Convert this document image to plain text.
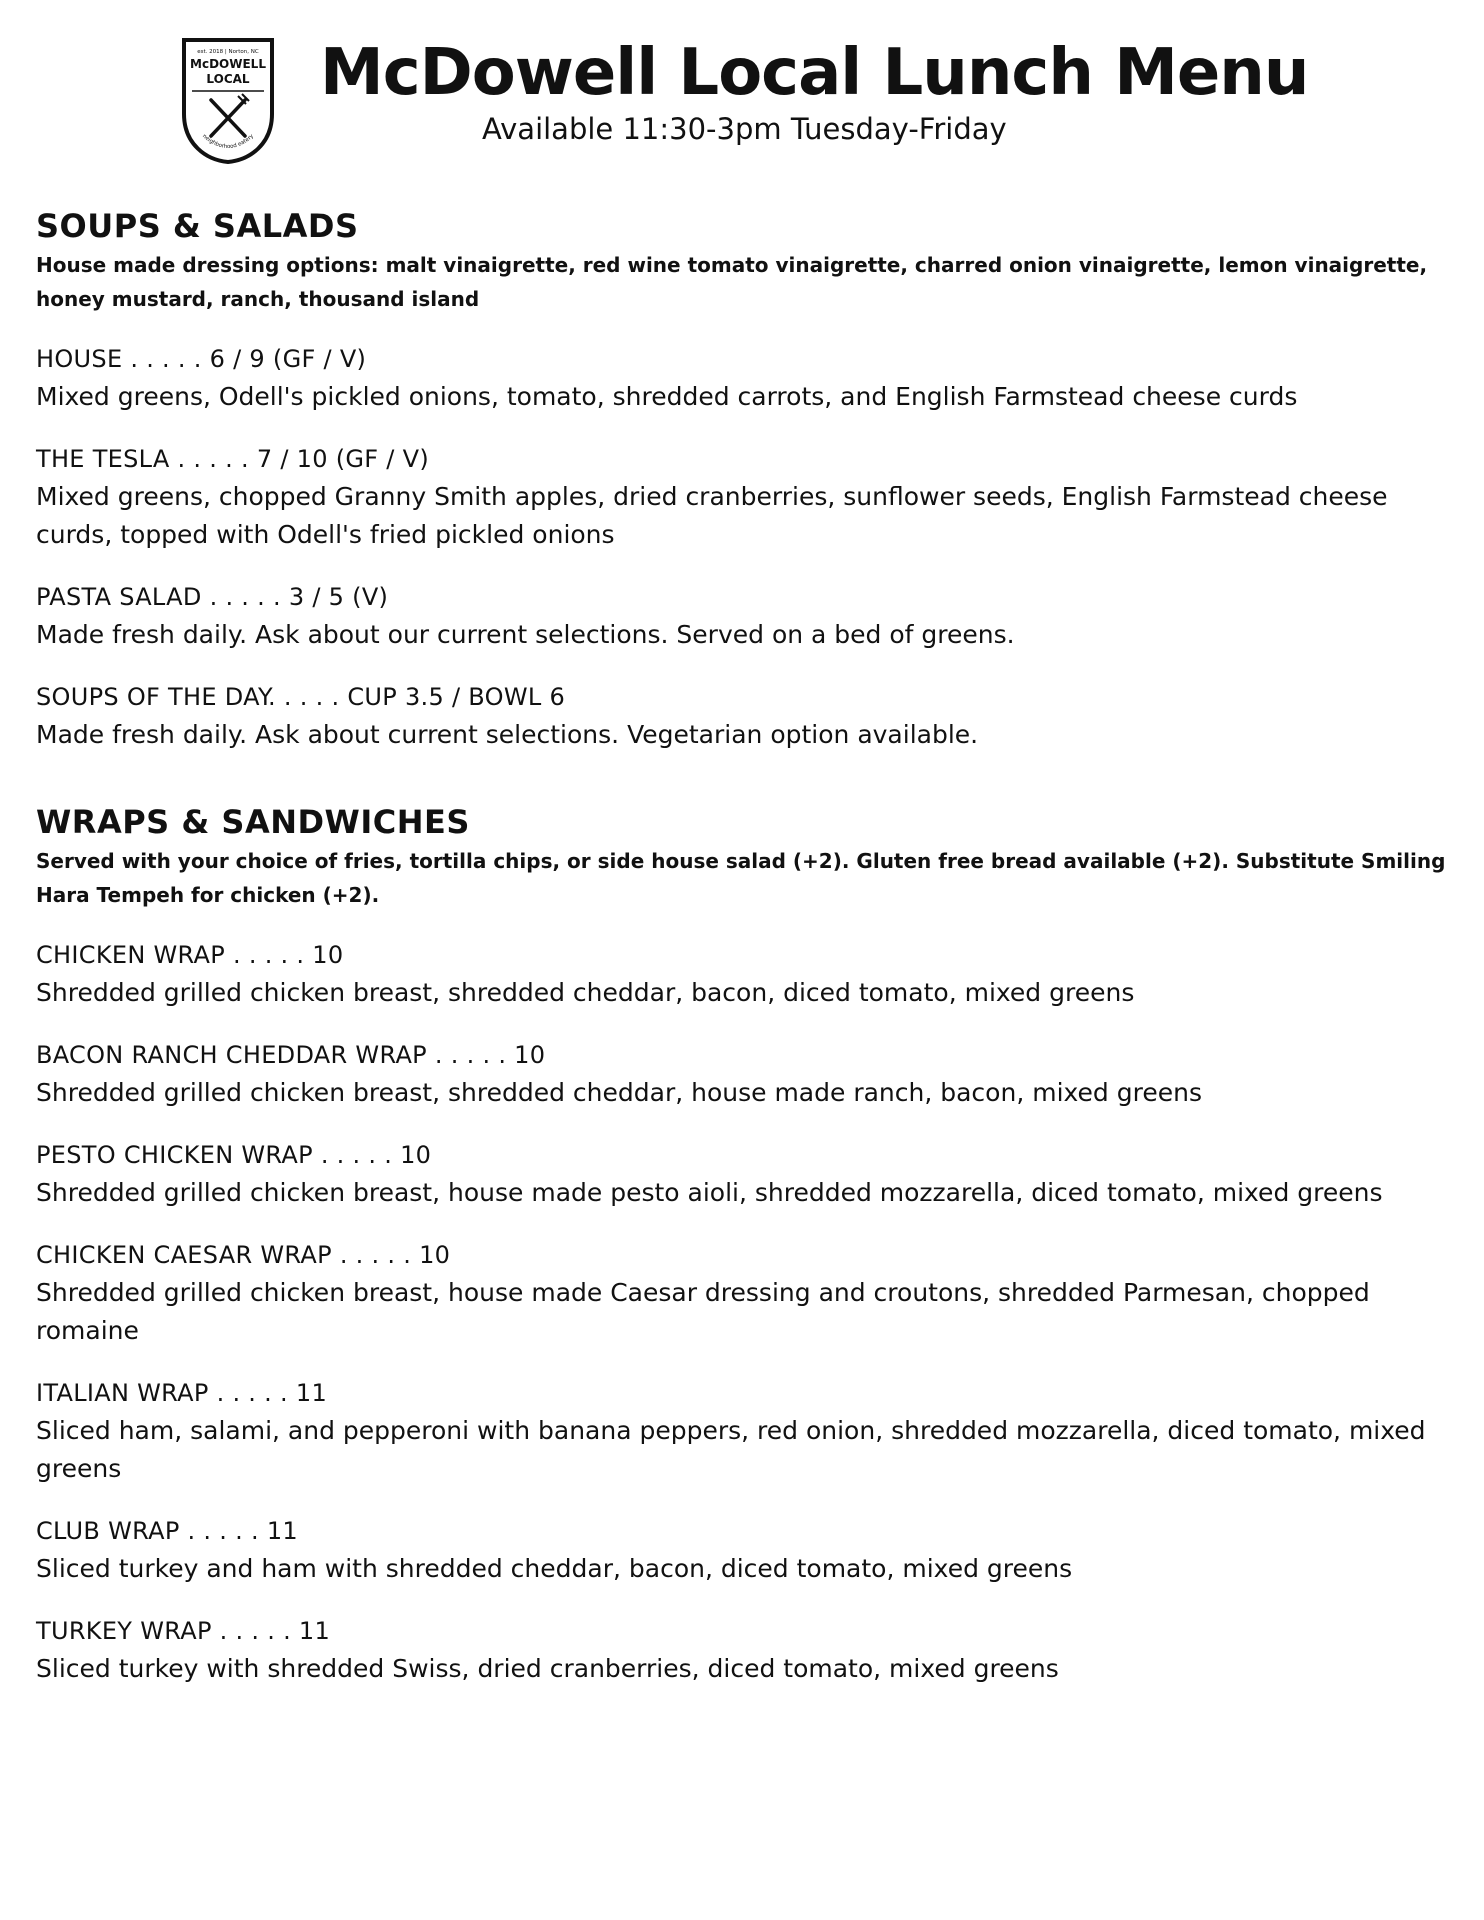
est. 2018 | Norton, NC
McDOWELL
LOCAL
neighborhood eatery
McDowell Local Lunch Menu
Available 11:30-3pm Tuesday-Friday
SOUPS & SALADS

House made dressing options: malt vinaigrette, red wine tomato vinaigrette, charred onion vinaigrette, lemon vinaigrette, honey mustard, ranch, thousand island

HOUSE . . . . . 6 / 9 (GF / V)

Mixed greens, Odell's pickled onions, tomato, shredded carrots, and English Farmstead cheese curds

THE TESLA . . . . . 7 / 10 (GF / V)

Mixed greens, chopped Granny Smith apples, dried cranberries, sunflower seeds, English Farmstead cheese curds, topped with Odell's fried pickled onions

PASTA SALAD . . . . . 3 / 5 (V)

Made fresh daily. Ask about our current selections. Served on a bed of greens.

SOUPS OF THE DAY. . . . . CUP 3.5 / BOWL 6

Made fresh daily. Ask about current selections. Vegetarian option available.

WRAPS & SANDWICHES

Served with your choice of fries, tortilla chips, or side house salad (+2). Gluten free bread available (+2). Substitute Smiling Hara Tempeh for chicken (+2).

CHICKEN WRAP . . . . . 10

Shredded grilled chicken breast, shredded cheddar, bacon, diced tomato, mixed greens

BACON RANCH CHEDDAR WRAP . . . . . 10

Shredded grilled chicken breast, shredded cheddar, house made ranch, bacon, mixed greens

PESTO CHICKEN WRAP . . . . . 10

Shredded grilled chicken breast, house made pesto aioli, shredded mozzarella, diced tomato, mixed greens

CHICKEN CAESAR WRAP . . . . . 10

Shredded grilled chicken breast, house made Caesar dressing and croutons, shredded Parmesan, chopped romaine

ITALIAN WRAP . . . . . 11

Sliced ham, salami, and pepperoni with banana peppers, red onion, shredded mozzarella, diced tomato, mixed greens

CLUB WRAP . . . . . 11

Sliced turkey and ham with shredded cheddar, bacon, diced tomato, mixed greens

TURKEY WRAP . . . . . 11

Sliced turkey with shredded Swiss, dried cranberries, diced tomato, mixed greens
